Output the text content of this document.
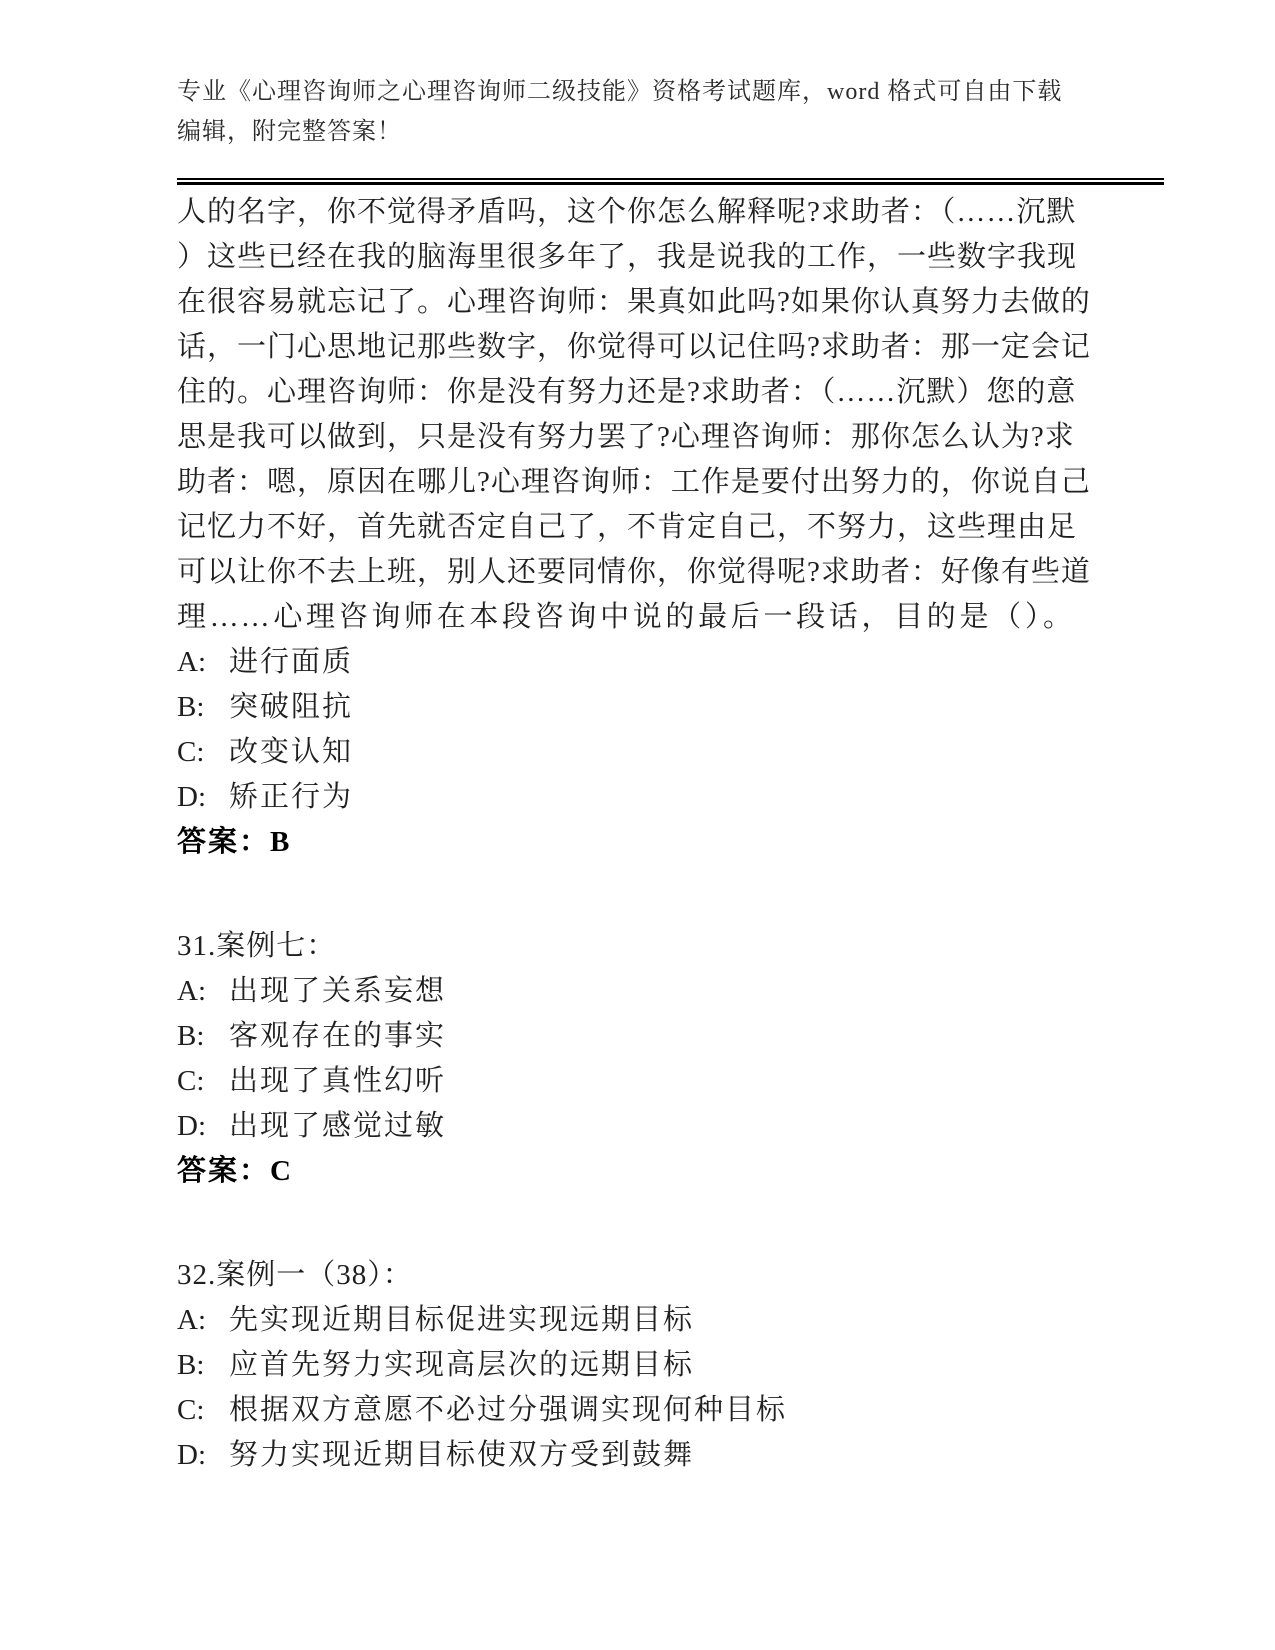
专业《心理咨询师之心理咨询师二级技能》资格考试题库，word 格式可自由下载
编辑，附完整答案！
人的名字，你不觉得矛盾吗，这个你怎么解释呢?求助者：（……沉默
）这些已经在我的脑海里很多年了，我是说我的工作，一些数字我现
在很容易就忘记了。心理咨询师：果真如此吗?如果你认真努力去做的
话，一门心思地记那些数字，你觉得可以记住吗?求助者：那一定会记
住的。心理咨询师：你是没有努力还是?求助者：（……沉默）您的意
思是我可以做到，只是没有努力罢了?心理咨询师：那你怎么认为?求
助者：嗯，原因在哪儿?心理咨询师：工作是要付出努力的，你说自己
记忆力不好，首先就否定自己了，不肯定自己，不努力，这些理由足
可以让你不去上班，别人还要同情你，你觉得呢?求助者：好像有些道
理……心理咨询师在本段咨询中说的最后一段话，目的是（）。
A: 进行面质
B: 突破阻抗
C: 改变认知
D: 矫正行为
答案：B
31.案例七：
A: 出现了关系妄想
B: 客观存在的事实
C: 出现了真性幻听
D: 出现了感觉过敏
答案：C
32.案例一（38）：
A: 先实现近期目标促进实现远期目标
B: 应首先努力实现高层次的远期目标
C: 根据双方意愿不必过分强调实现何种目标
D: 努力实现近期目标使双方受到鼓舞
